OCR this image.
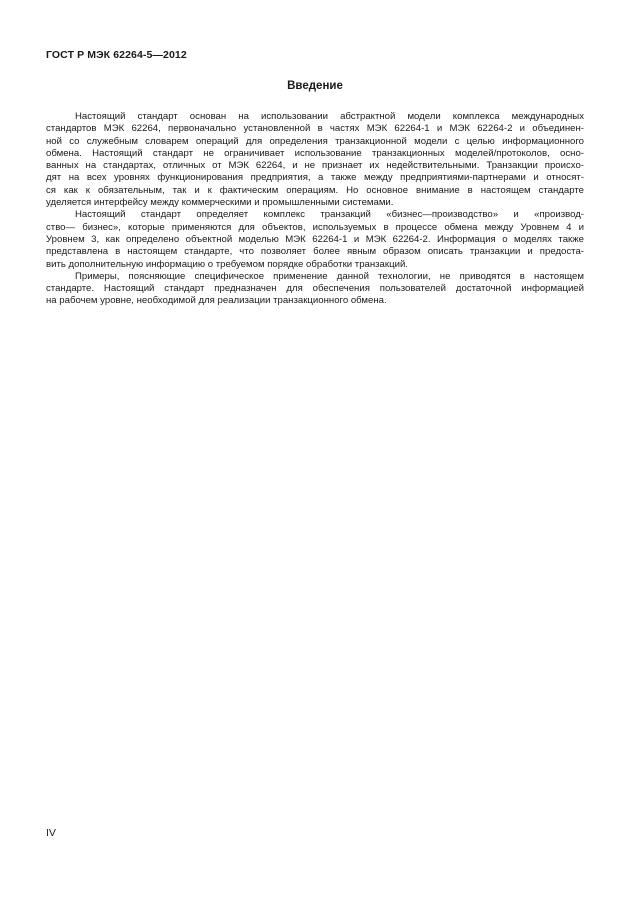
ГОСТ Р МЭК 62264-5—2012
Введение
Настоящий стандарт основан на использовании абстрактной модели комплекса международных
стандартов МЭК 62264, первоначально установленной в частях МЭК 62264-1 и МЭК 62264-2 и объединен-
ной со служебным словарем операций для определения транзакционной модели с целью информационного
обмена. Настоящий стандарт не ограничивает использование транзакционных моделей/протоколов, осно-
ванных на стандартах, отличных от МЭК 62264, и не признает их недействительными. Транзакции происхо-
дят на всех уровнях функционирования предприятия, а также между предприятиями-партнерами и относят-
ся как к обязательным, так и к фактическим операциям. Но основное внимание в настоящем стандарте
уделяется интерфейсу между коммерческими и промышленными системами.
Настоящий стандарт определяет комплекс транзакций «бизнес—производство» и «производ-
ство— бизнес», которые применяются для объектов, используемых в процессе обмена между Уровнем 4 и
Уровнем 3, как определено объектной моделью МЭК 62264-1 и МЭК 62264-2. Информация о моделях также
представлена в настоящем стандарте, что позволяет более явным образом описать транзакции и предоста-
вить дополнительную информацию о требуемом порядке обработки транзакций.
Примеры, поясняющие специфическое применение данной технологии, не приводятся в настоящем
стандарте. Настоящий стандарт предназначен для обеспечения пользователей достаточной информацией
на рабочем уровне, необходимой для реализации транзакционного обмена.
IV
